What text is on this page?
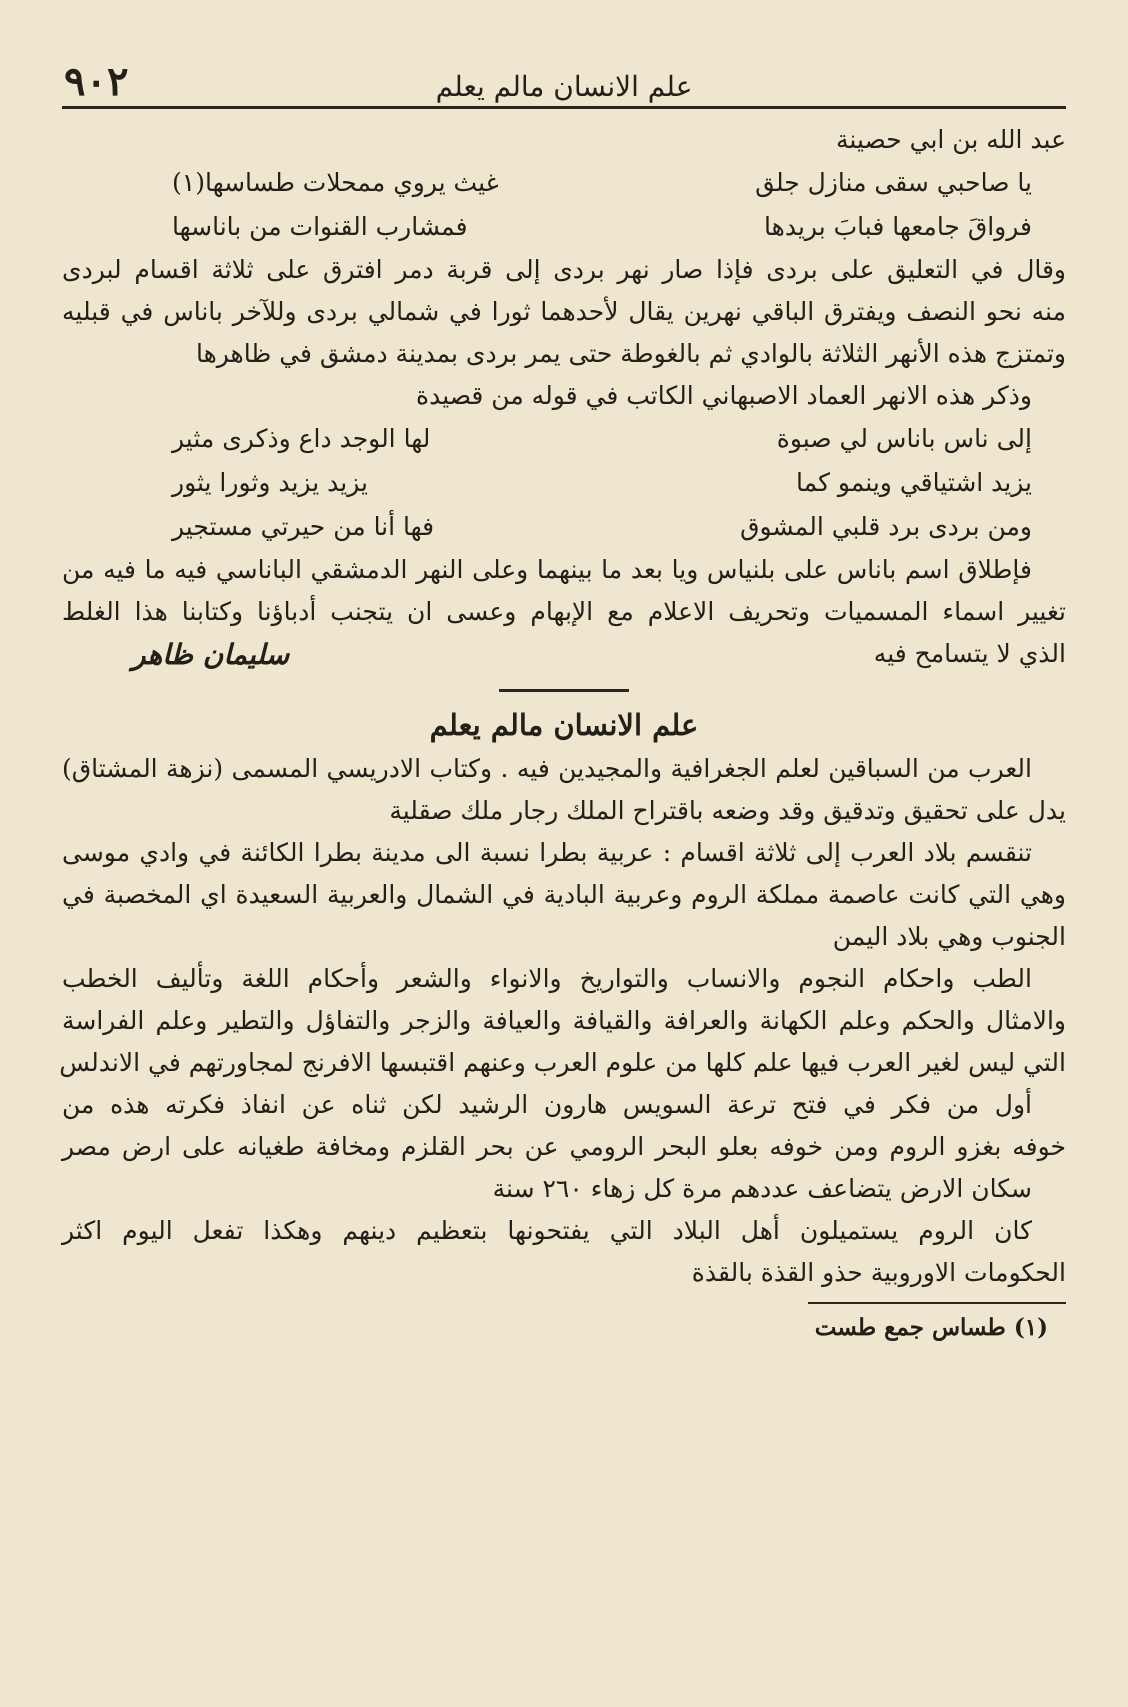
علم الانسان مالم يعلم
٩٠٢
عبد الله بن ابي حصينة
يا صاحبي سقى منازل جلق
غيث يروي ممحلات طساسها(١)
فرواقَ جامعها فبابَ بريدها
فمشارب القنوات من باناسها
وقال في التعليق على بردى فإذا صار نهر بردى إلى قربة دمر افترق على ثلاثة اقسام لبردى
منه نحو النصف ويفترق الباقي نهرين يقال لأحدهما ثورا في شمالي بردى وللآخر باناس في قبليه
وتمتزج هذه الأنهر الثلاثة بالوادي ثم بالغوطة حتى يمر بردى بمدينة دمشق في ظاهرها
وذكر هذه الانهر العماد الاصبهاني الكاتب في قوله من قصيدة
إلى ناس باناس لي صبوة
لها الوجد داع وذكرى مثير
يزيد اشتياقي وينمو كما
يزيد يزيد وثورا يثور
ومن بردى برد قلبي المشوق
فها أنا من حيرتي مستجير
فإطلاق اسم باناس على بلنياس ويا بعد ما بينهما وعلى النهر الدمشقي الباناسي فيه ما فيه من
تغيير اسماء المسميات وتحريف الاعلام مع الإبهام وعسى ان يتجنب أدباؤنا وكتابنا هذا الغلط
الذي لا يتسامح فيه
سليمان ظاهر
علم الانسان مالم يعلم
العرب من السباقين لعلم الجغرافية والمجيدين فيه . وكتاب الادريسي المسمى (نزهة المشتاق)
يدل على تحقيق وتدقيق وقد وضعه باقتراح الملك رجار ملك صقلية
تنقسم بلاد العرب إلى ثلاثة اقسام : عربية بطرا نسبة الى مدينة بطرا الكائنة في وادي موسى
وهي التي كانت عاصمة مملكة الروم وعربية البادية في الشمال والعربية السعيدة اي المخصبة في
الجنوب وهي بلاد اليمن
الطب واحكام النجوم والانساب والتواريخ والانواء والشعر وأحكام اللغة وتأليف الخطب
والامثال والحكم وعلم الكهانة والعرافة والقيافة والعيافة والزجر والتفاؤل والتطير وعلم الفراسة
التي ليس لغير العرب فيها علم كلها من علوم العرب وعنهم اقتبسها الافرنج لمجاورتهم في الاندلس
أول من فكر في فتح ترعة السويس هارون الرشيد لكن ثناه عن انفاذ فكرته هذه من
خوفه بغزو الروم ومن خوفه بعلو البحر الرومي عن بحر القلزم ومخافة طغيانه على ارض مصر
سكان الارض يتضاعف عددهم مرة كل زهاء ٢٦٠ سنة
كان الروم يستميلون أهل البلاد التي يفتحونها بتعظيم دينهم وهكذا تفعل اليوم اكثر
الحكومات الاوروبية حذو القذة بالقذة
(١) طساس جمع طست
